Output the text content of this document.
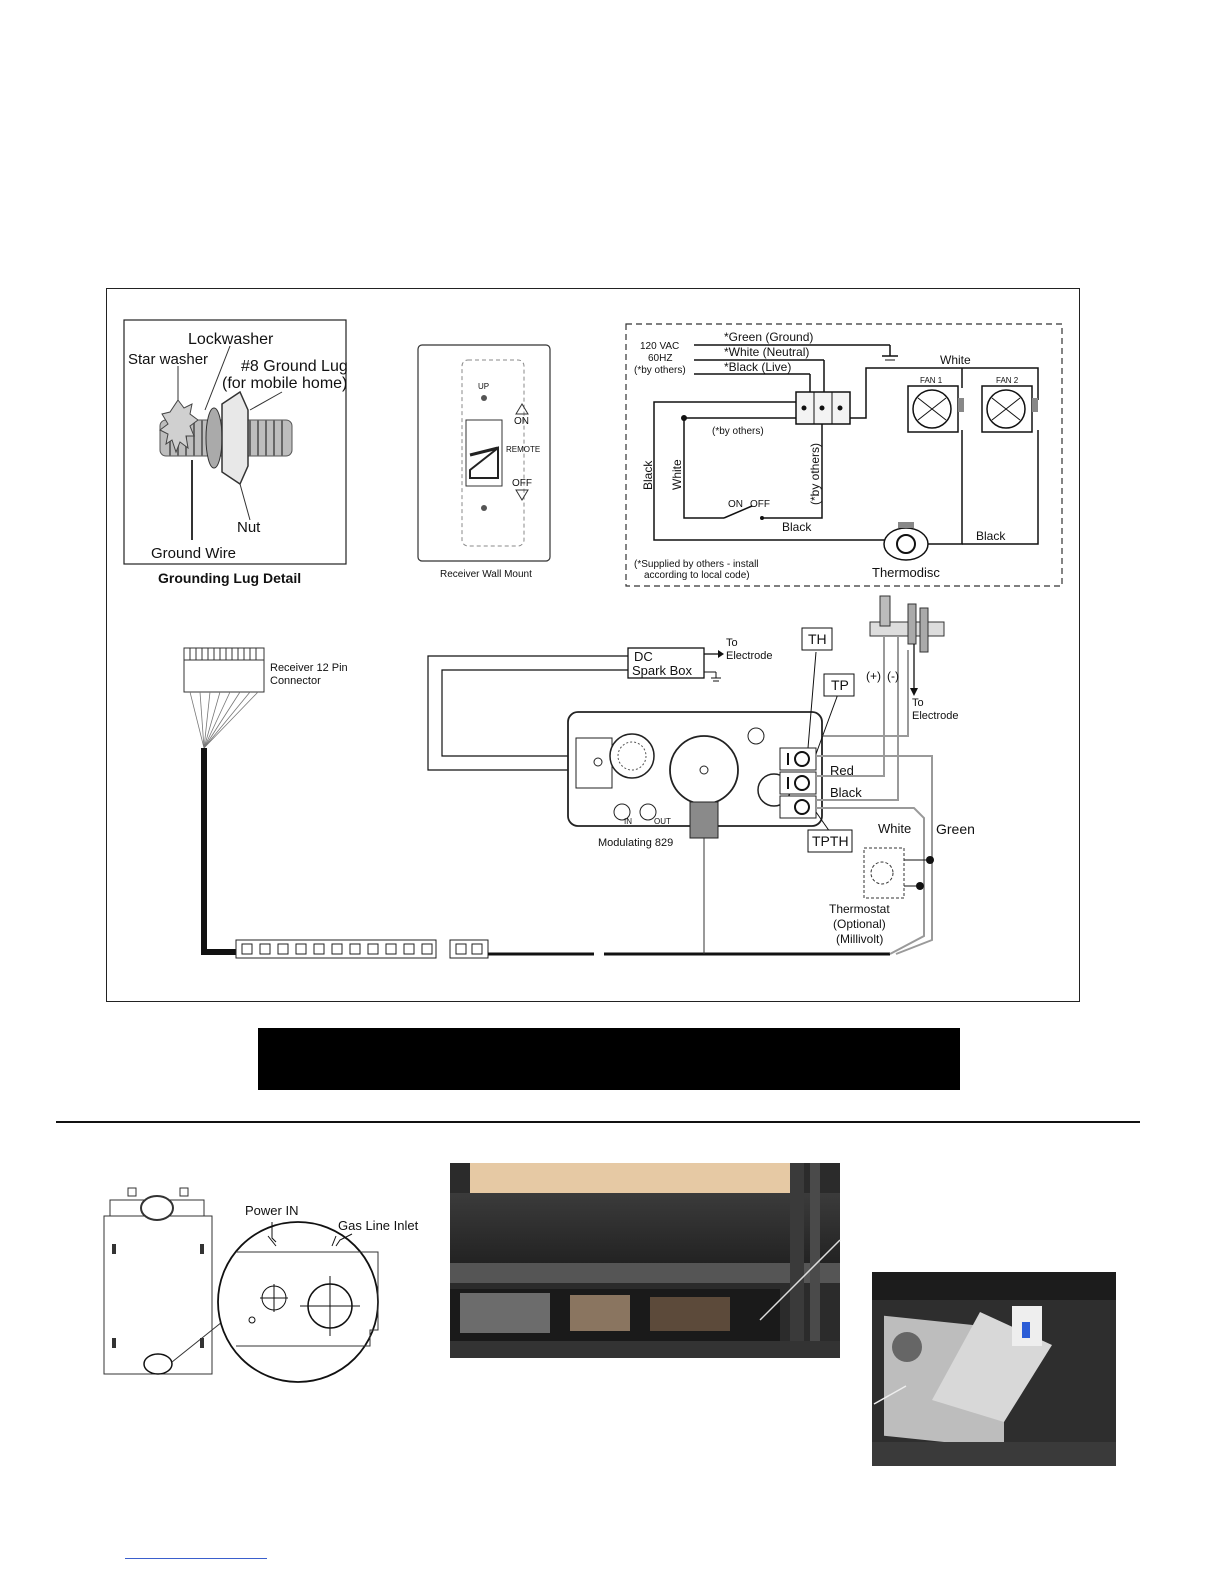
Lockwasher
Star washer #8 Ground Lug
(for mobile home)
Nut
Ground Wire
Grounding Lug Detail
UP
ON
REMOTE
OFF
Receiver Wall Mount
120 VAC
60HZ
(*by others)
*Green (Ground)
*White (Neutral)
*Black (Live)	White
FAN 1	FAN 2
(*by others)
Black White	(*by others)
ON OFF
Black
Black
(*Supplied by others - install
according to local code)	Thermodisc
Receiver 12 Pin
Connector
DC
Spark Box
To
Electrode
TH
TP
(+) (-)
To
Electrode
Red
Black
White Green
TPTH
IN	OUT
Modulating 829
Thermostat
(Optional)
(Millivolt)
Power IN
Gas Line Inlet
